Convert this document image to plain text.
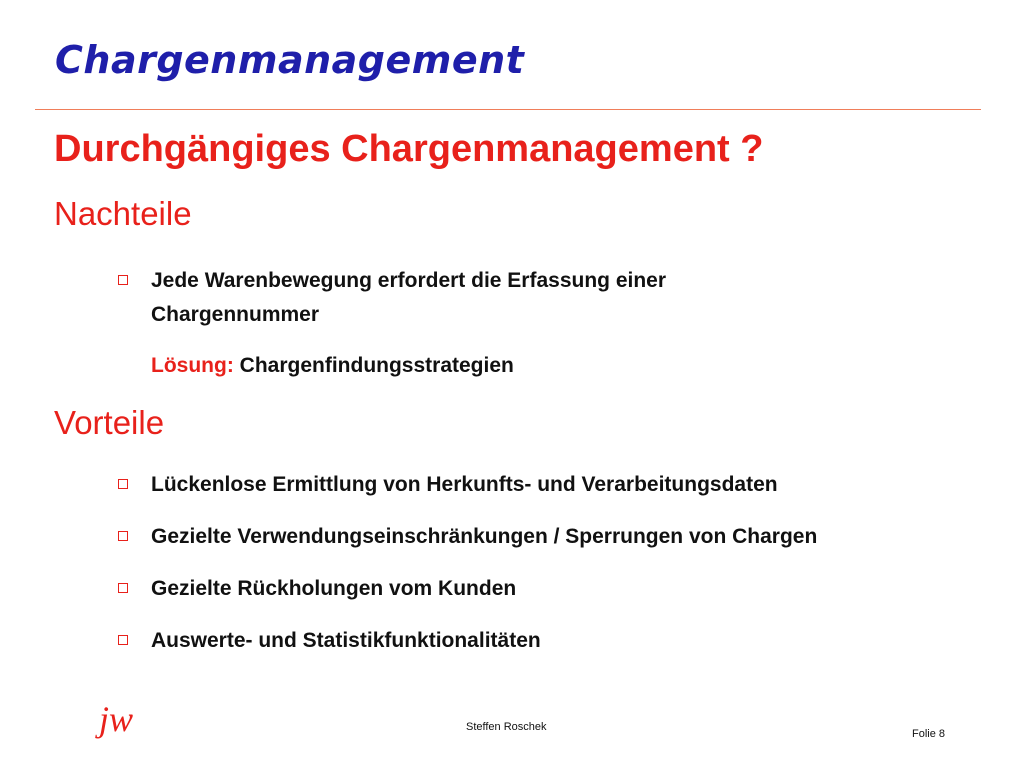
Chargenmanagement
Durchgängiges Chargenmanagement ?
Nachteile
Jede Warenbewegung erfordert die Erfassung einer
Chargennummer
Lösung: Chargenfindungsstrategien
Vorteile
Lückenlose Ermittlung von Herkunfts- und Verarbeitungsdaten
Gezielte Verwendungseinschränkungen / Sperrungen von Chargen
Gezielte Rückholungen vom Kunden
Auswerte- und Statistikfunktionalitäten
jw	Steffen Roschek
Folie 8
